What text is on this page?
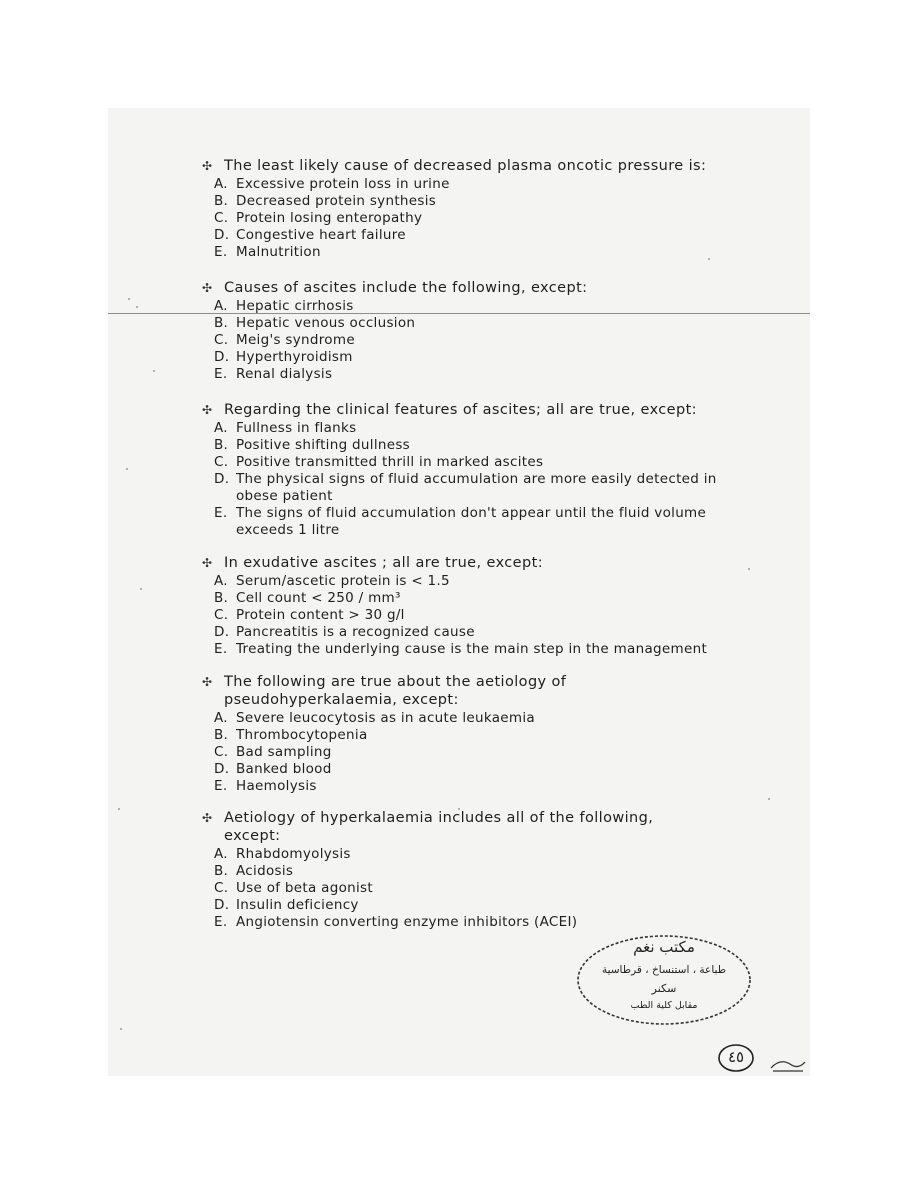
✣ The least likely cause of decreased plasma oncotic pressure is:
A. Excessive protein loss in urine
B. Decreased protein synthesis
C. Protein losing enteropathy
D. Congestive heart failure
E. Malnutrition
✣ Causes of ascites include the following, except:
A. Hepatic cirrhosis
B. Hepatic venous occlusion
C. Meig's syndrome
D. Hyperthyroidism
E. Renal dialysis
✣ Regarding the clinical features of ascites; all are true, except:
A. Fullness in flanks
B. Positive shifting dullness
C. Positive transmitted thrill in marked ascites
D. The physical signs of fluid accumulation are more easily detected in
obese patient
E. The signs of fluid accumulation don't appear until the fluid volume
exceeds 1 litre
✣ In exudative ascites ; all are true, except:
A. Serum/ascetic protein is < 1.5
B. Cell count < 250 / mm³
C. Protein content > 30 g/l
D. Pancreatitis is a recognized cause
E. Treating the underlying cause is the main step in the management
✣ The following are true about the aetiology of
pseudohyperkalaemia, except:
A. Severe leucocytosis as in acute leukaemia
B. Thrombocytopenia
C. Bad sampling
D. Banked blood
E. Haemolysis
✣ Aetiology of hyperkalaemia includes all of the following,
except:
A. Rhabdomyolysis
B. Acidosis
C. Use of beta agonist
D. Insulin deficiency
E. Angiotensin converting enzyme inhibitors (ACEI)
مكتب نغم
طباعة ، استنساخ ، قرطاسية
سكنر
مقابل كلية الطب
٤٥
